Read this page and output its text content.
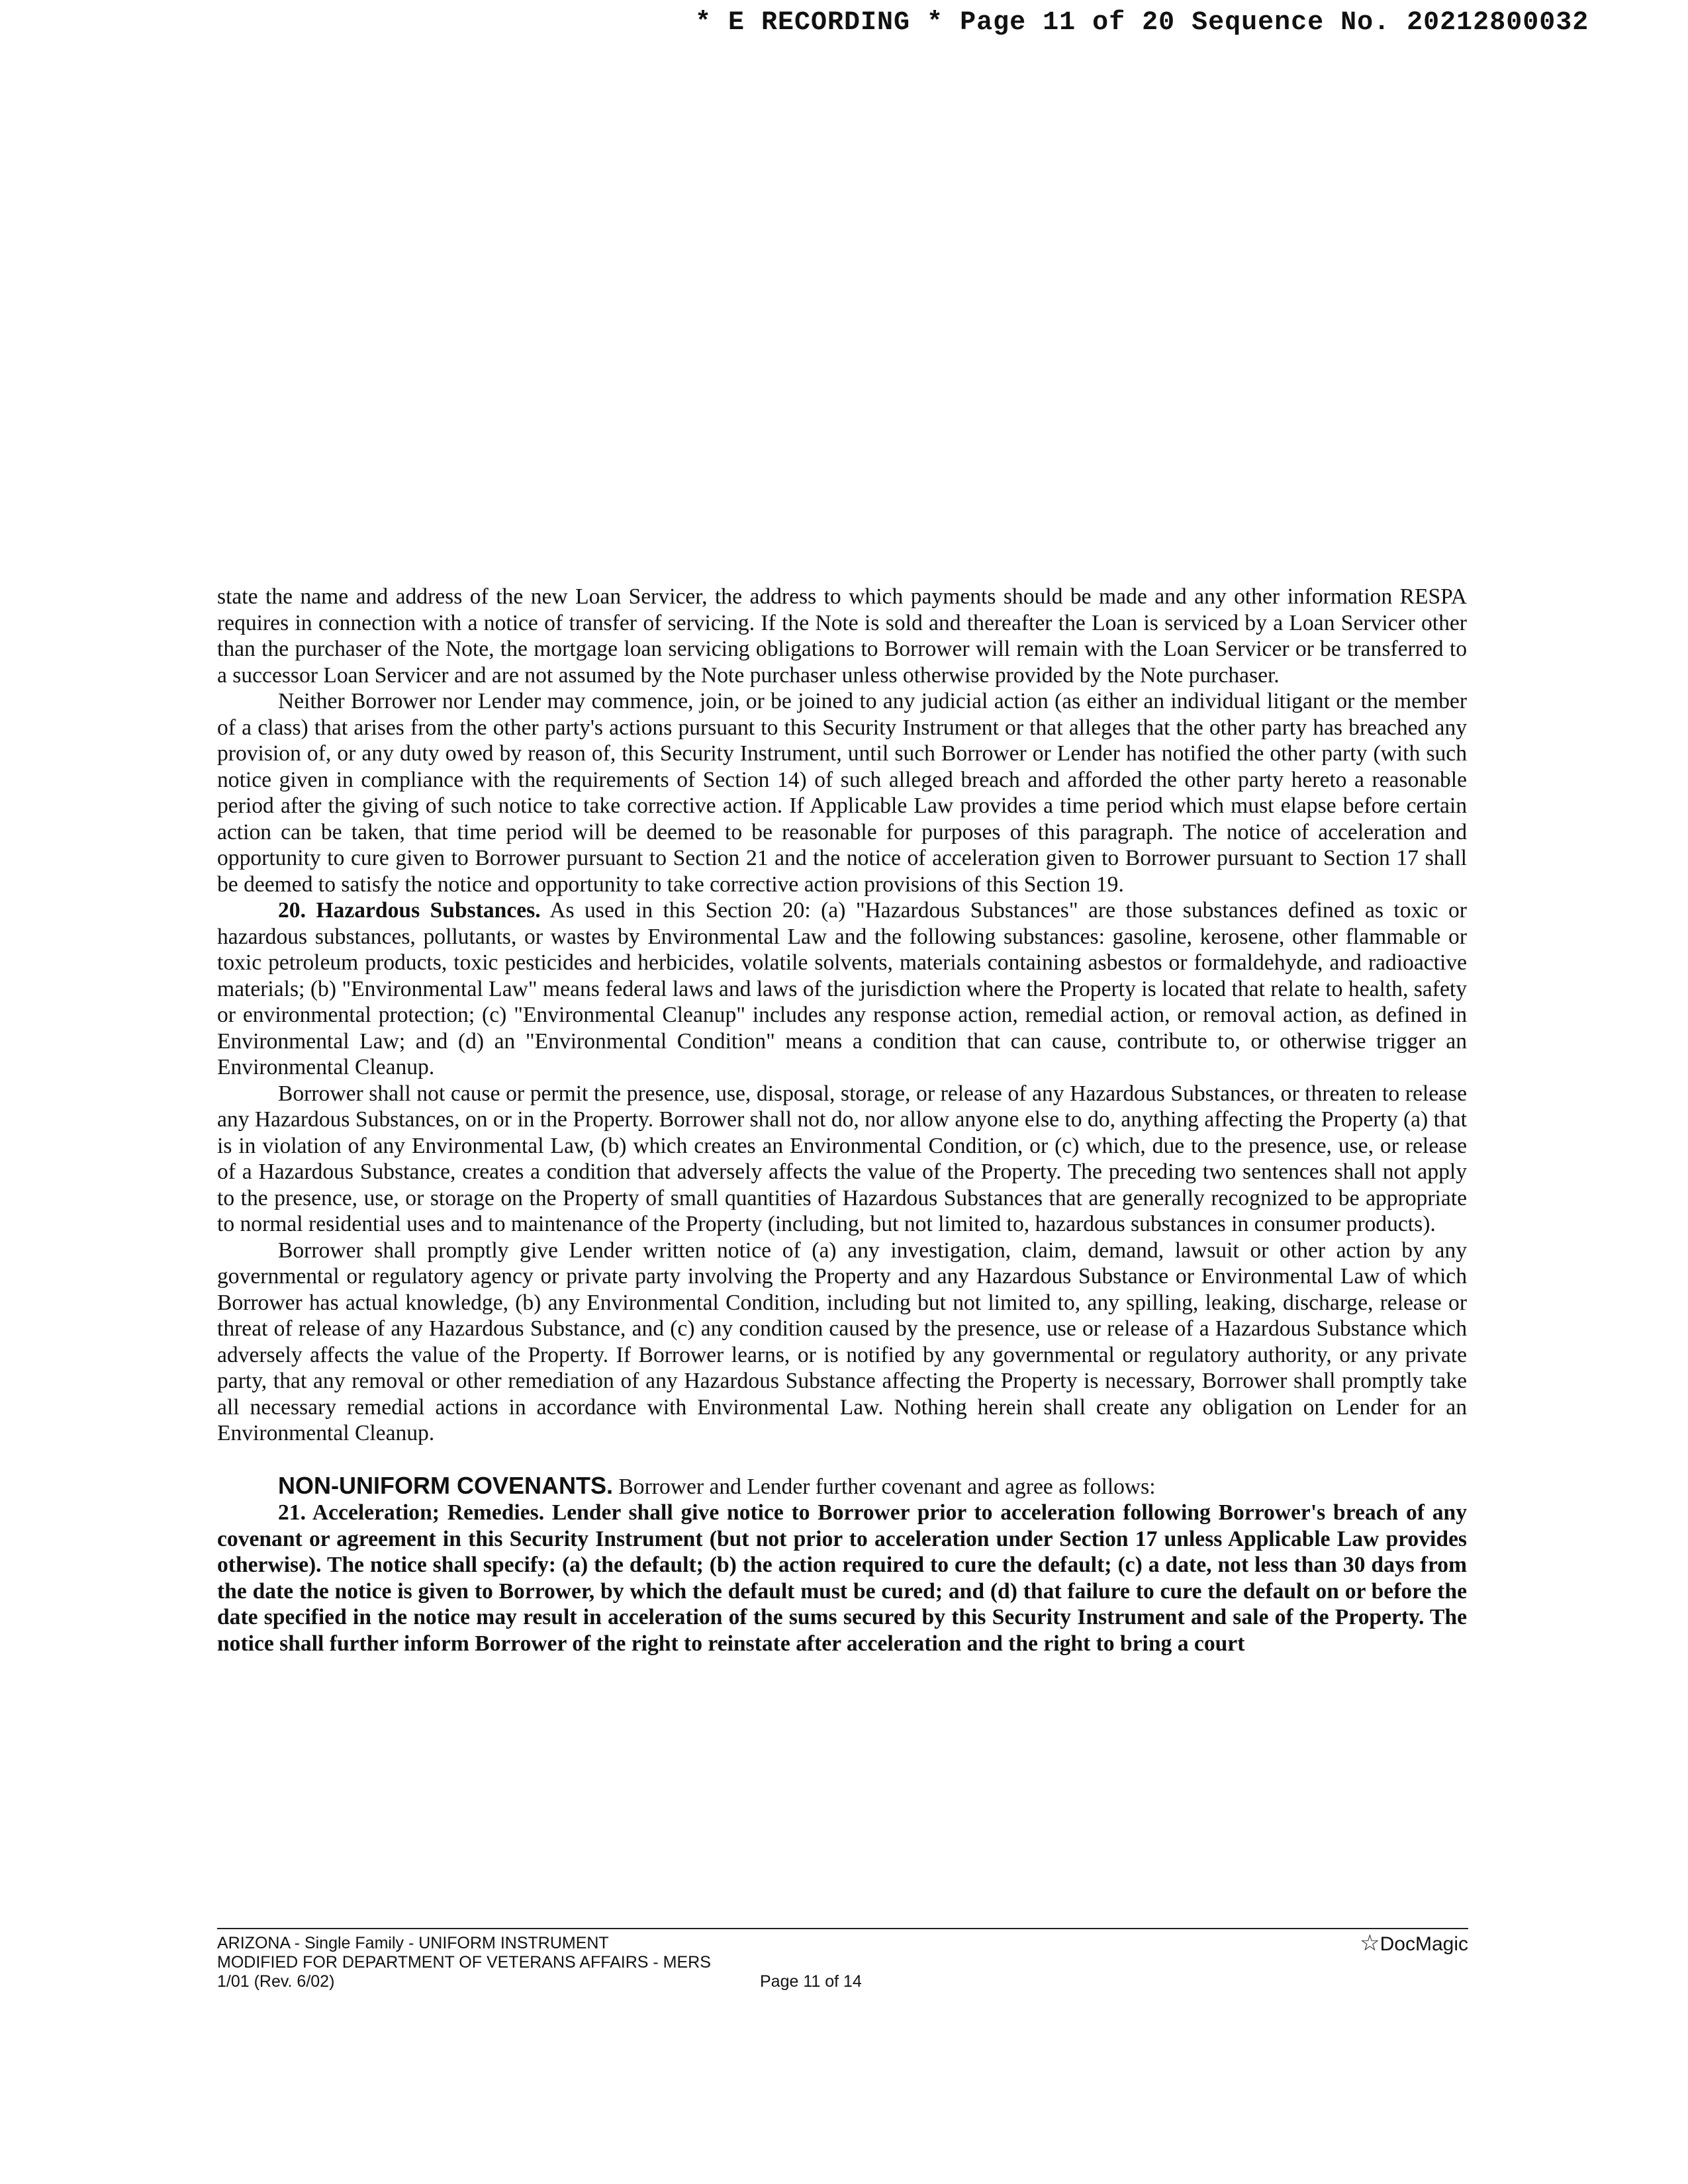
* E RECORDING * Page 11 of 20 Sequence No. 20212800032

state the name and address of the new Loan Servicer, the address to which payments should be made and any other information RESPA requires in connection with a notice of transfer of servicing. If the Note is sold and thereafter the Loan is serviced by a Loan Servicer other than the purchaser of the Note, the mortgage loan servicing obligations to Borrower will remain with the Loan Servicer or be transferred to a successor Loan Servicer and are not assumed by the Note purchaser unless otherwise provided by the Note purchaser.

Neither Borrower nor Lender may commence, join, or be joined to any judicial action (as either an individual litigant or the member of a class) that arises from the other party's actions pursuant to this Security Instrument or that alleges that the other party has breached any provision of, or any duty owed by reason of, this Security Instrument, until such Borrower or Lender has notified the other party (with such notice given in compliance with the requirements of Section 14) of such alleged breach and afforded the other party hereto a reasonable period after the giving of such notice to take corrective action. If Applicable Law provides a time period which must elapse before certain action can be taken, that time period will be deemed to be reasonable for purposes of this paragraph. The notice of acceleration and opportunity to cure given to Borrower pursuant to Section 21 and the notice of acceleration given to Borrower pursuant to Section 17 shall be deemed to satisfy the notice and opportunity to take corrective action provisions of this Section 19.

20. Hazardous Substances. As used in this Section 20: (a) "Hazardous Substances" are those substances defined as toxic or hazardous substances, pollutants, or wastes by Environmental Law and the following substances: gasoline, kerosene, other flammable or toxic petroleum products, toxic pesticides and herbicides, volatile solvents, materials containing asbestos or formaldehyde, and radioactive materials; (b) "Environmental Law" means federal laws and laws of the jurisdiction where the Property is located that relate to health, safety or environmental protection; (c) "Environmental Cleanup" includes any response action, remedial action, or removal action, as defined in Environmental Law; and (d) an "Environmental Condition" means a condition that can cause, contribute to, or otherwise trigger an Environmental Cleanup.

Borrower shall not cause or permit the presence, use, disposal, storage, or release of any Hazardous Substances, or threaten to release any Hazardous Substances, on or in the Property. Borrower shall not do, nor allow anyone else to do, anything affecting the Property (a) that is in violation of any Environmental Law, (b) which creates an Environmental Condition, or (c) which, due to the presence, use, or release of a Hazardous Substance, creates a condition that adversely affects the value of the Property. The preceding two sentences shall not apply to the presence, use, or storage on the Property of small quantities of Hazardous Substances that are generally recognized to be appropriate to normal residential uses and to maintenance of the Property (including, but not limited to, hazardous substances in consumer products).

Borrower shall promptly give Lender written notice of (a) any investigation, claim, demand, lawsuit or other action by any governmental or regulatory agency or private party involving the Property and any Hazardous Substance or Environmental Law of which Borrower has actual knowledge, (b) any Environmental Condition, including but not limited to, any spilling, leaking, discharge, release or threat of release of any Hazardous Substance, and (c) any condition caused by the presence, use or release of a Hazardous Substance which adversely affects the value of the Property. If Borrower learns, or is notified by any governmental or regulatory authority, or any private party, that any removal or other remediation of any Hazardous Substance affecting the Property is necessary, Borrower shall promptly take all necessary remedial actions in accordance with Environmental Law. Nothing herein shall create any obligation on Lender for an Environmental Cleanup.

NON-UNIFORM COVENANTS. Borrower and Lender further covenant and agree as follows:

21. Acceleration; Remedies. Lender shall give notice to Borrower prior to acceleration following Borrower's breach of any covenant or agreement in this Security Instrument (but not prior to acceleration under Section 17 unless Applicable Law provides otherwise). The notice shall specify: (a) the default; (b) the action required to cure the default; (c) a date, not less than 30 days from the date the notice is given to Borrower, by which the default must be cured; and (d) that failure to cure the default on or before the date specified in the notice may result in acceleration of the sums secured by this Security Instrument and sale of the Property. The notice shall further inform Borrower of the right to reinstate after acceleration and the right to bring a court

ARIZONA - Single Family - UNIFORM INSTRUMENT
MODIFIED FOR DEPARTMENT OF VETERANS AFFAIRS - MERS
1/01 (Rev. 6/02)	Page 11 of 14
☆DocMagic
